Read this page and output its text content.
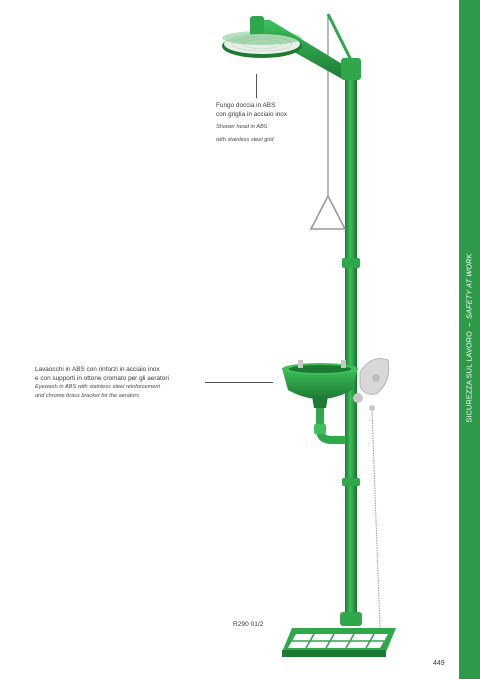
Fungo doccia in ABS
con griglia in acciaio inox
Shower head in ABS
with stainless steel grid
Lavaocchi in ABS con rinforzi in acciaio inox
e con supporti in ottone cromato per gli aeratori
Eyewash in ABS with stainless steel reinforcement
and chrome brass bracket for the aerators
R290 01/2
449
SICUREZZA SUL LAVORO–SAFETY AT WORK
